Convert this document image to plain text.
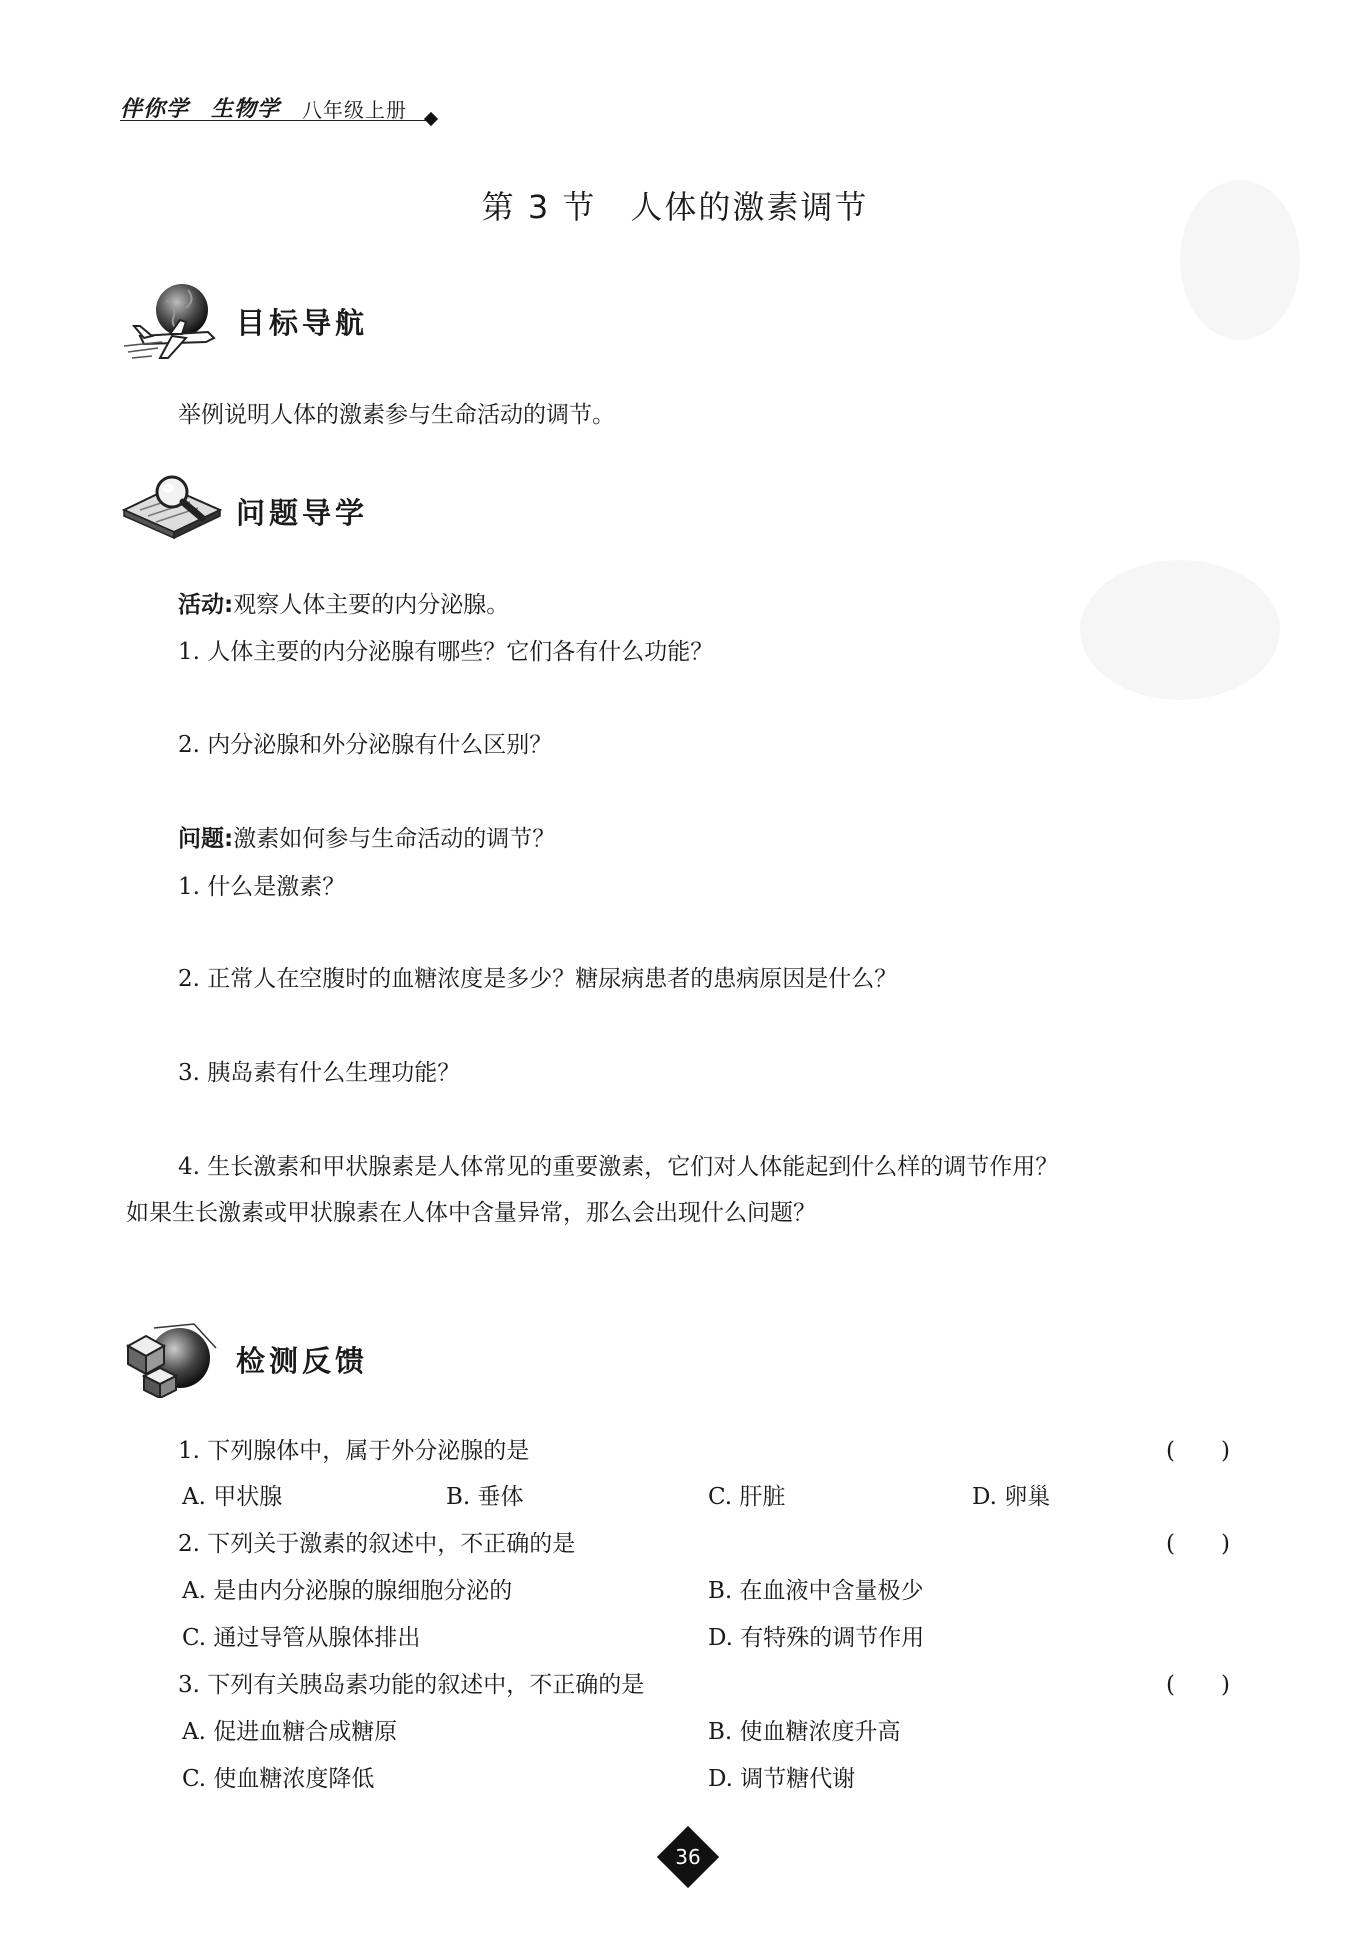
伴你学 生物学 八年级上册
第 3 节　人体的激素调节
目标导航
举例说明人体的激素参与生命活动的调节。
问题导学
活动:观察人体主要的内分泌腺。
1. 人体主要的内分泌腺有哪些？它们各有什么功能？
2. 内分泌腺和外分泌腺有什么区别？
问题:激素如何参与生命活动的调节？
1. 什么是激素？
2. 正常人在空腹时的血糖浓度是多少？糖尿病患者的患病原因是什么？
3. 胰岛素有什么生理功能？
4. 生长激素和甲状腺素是人体常见的重要激素，它们对人体能起到什么样的调节作用？
如果生长激素或甲状腺素在人体中含量异常，那么会出现什么问题？
检测反馈
1. 下列腺体中，属于外分泌腺的是	(　　)
A. 甲状腺	B. 垂体	C. 肝脏	D. 卵巢
2. 下列关于激素的叙述中，不正确的是	(　　)
A. 是由内分泌腺的腺细胞分泌的	B. 在血液中含量极少
C. 通过导管从腺体排出	D. 有特殊的调节作用
3. 下列有关胰岛素功能的叙述中，不正确的是	(　　)
A. 促进血糖合成糖原	B. 使血糖浓度升高
C. 使血糖浓度降低	D. 调节糖代谢
36
